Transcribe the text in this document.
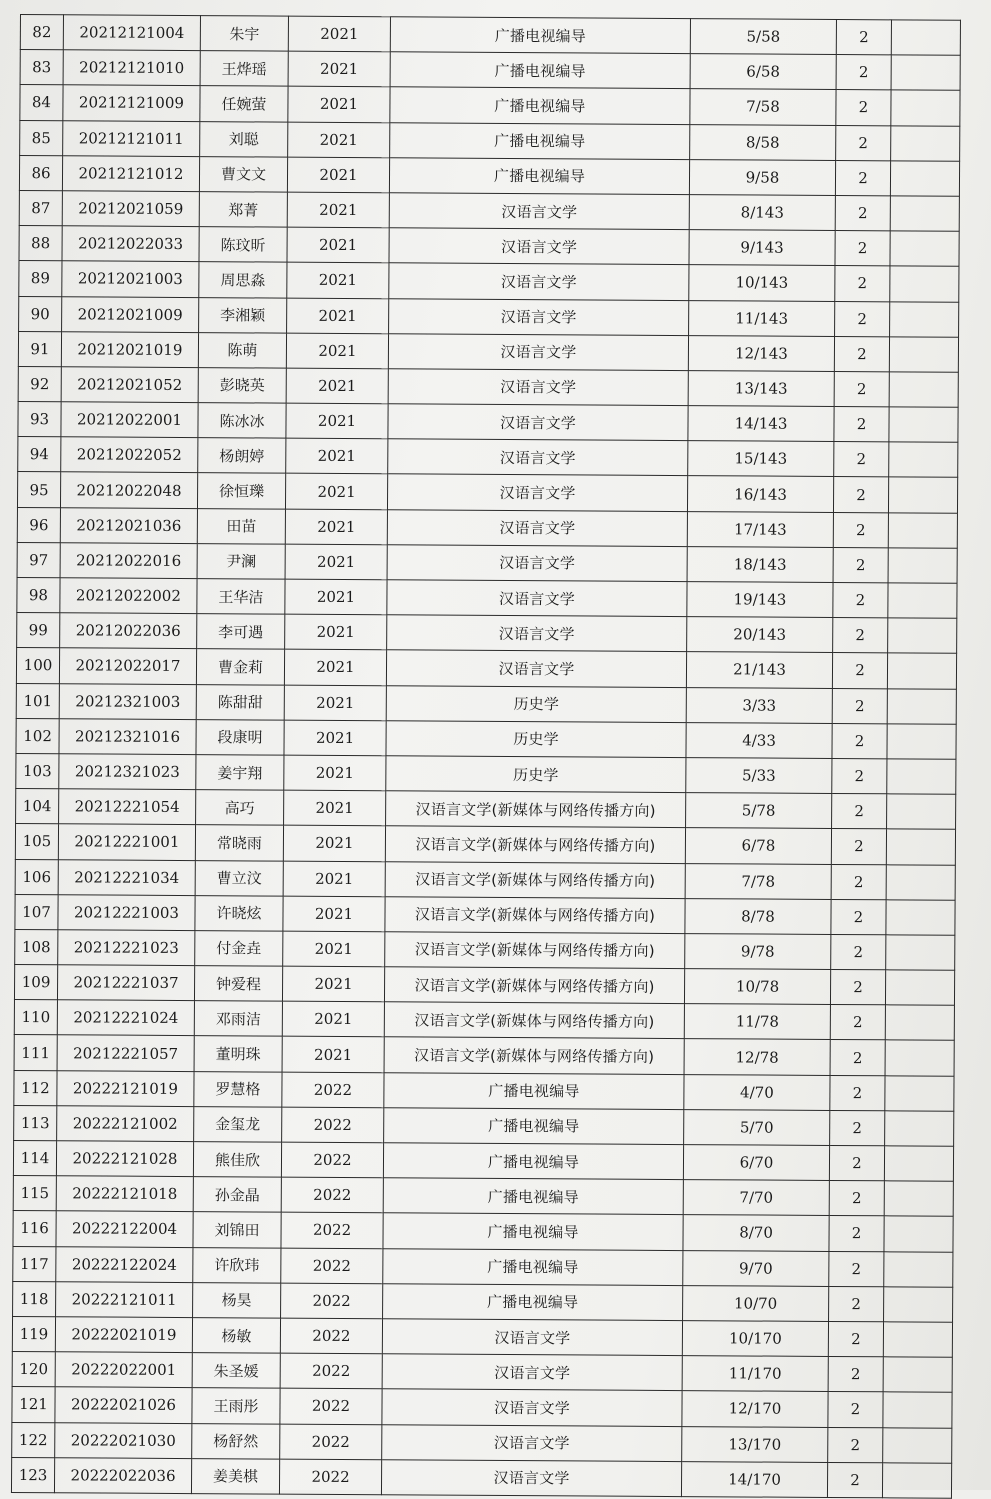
82	20212121004	朱宇	2021	广播电视编导	5/58	2	
83	20212121010	王烨瑶	2021	广播电视编导	6/58	2	
84	20212121009	任婉萤	2021	广播电视编导	7/58	2	
85	20212121011	刘聪	2021	广播电视编导	8/58	2	
86	20212121012	曹文文	2021	广播电视编导	9/58	2	
87	20212021059	郑菁	2021	汉语言文学	8/143	2	
88	20212022033	陈玟昕	2021	汉语言文学	9/143	2	
89	20212021003	周思淼	2021	汉语言文学	10/143	2	
90	20212021009	李湘颖	2021	汉语言文学	11/143	2	
91	20212021019	陈萌	2021	汉语言文学	12/143	2	
92	20212021052	彭晓英	2021	汉语言文学	13/143	2	
93	20212022001	陈冰冰	2021	汉语言文学	14/143	2	
94	20212022052	杨朗婷	2021	汉语言文学	15/143	2	
95	20212022048	徐恒瓅	2021	汉语言文学	16/143	2	
96	20212021036	田苗	2021	汉语言文学	17/143	2	
97	20212022016	尹澜	2021	汉语言文学	18/143	2	
98	20212022002	王华洁	2021	汉语言文学	19/143	2	
99	20212022036	李可遇	2021	汉语言文学	20/143	2	
100	20212022017	曹金莉	2021	汉语言文学	21/143	2	
101	20212321003	陈甜甜	2021	历史学	3/33	2	
102	20212321016	段康明	2021	历史学	4/33	2	
103	20212321023	姜宇翔	2021	历史学	5/33	2	
104	20212221054	高巧	2021	汉语言文学(新媒体与网络传播方向)	5/78	2	
105	20212221001	常晓雨	2021	汉语言文学(新媒体与网络传播方向)	6/78	2	
106	20212221034	曹立汶	2021	汉语言文学(新媒体与网络传播方向)	7/78	2	
107	20212221003	许晓炫	2021	汉语言文学(新媒体与网络传播方向)	8/78	2	
108	20212221023	付金垚	2021	汉语言文学(新媒体与网络传播方向)	9/78	2	
109	20212221037	钟爱程	2021	汉语言文学(新媒体与网络传播方向)	10/78	2	
110	20212221024	邓雨洁	2021	汉语言文学(新媒体与网络传播方向)	11/78	2	
111	20212221057	董明珠	2021	汉语言文学(新媒体与网络传播方向)	12/78	2	
112	20222121019	罗慧格	2022	广播电视编导	4/70	2	
113	20222121002	金玺龙	2022	广播电视编导	5/70	2	
114	20222121028	熊佳欣	2022	广播电视编导	6/70	2	
115	20222121018	孙金晶	2022	广播电视编导	7/70	2	
116	20222122004	刘锦田	2022	广播电视编导	8/70	2	
117	20222122024	许欣玮	2022	广播电视编导	9/70	2	
118	20222121011	杨昊	2022	广播电视编导	10/70	2	
119	20222021019	杨敏	2022	汉语言文学	10/170	2	
120	20222022001	朱圣媛	2022	汉语言文学	11/170	2	
121	20222021026	王雨彤	2022	汉语言文学	12/170	2	
122	20222021030	杨舒然	2022	汉语言文学	13/170	2	
123	20222022036	姜美棋	2022	汉语言文学	14/170	2	
